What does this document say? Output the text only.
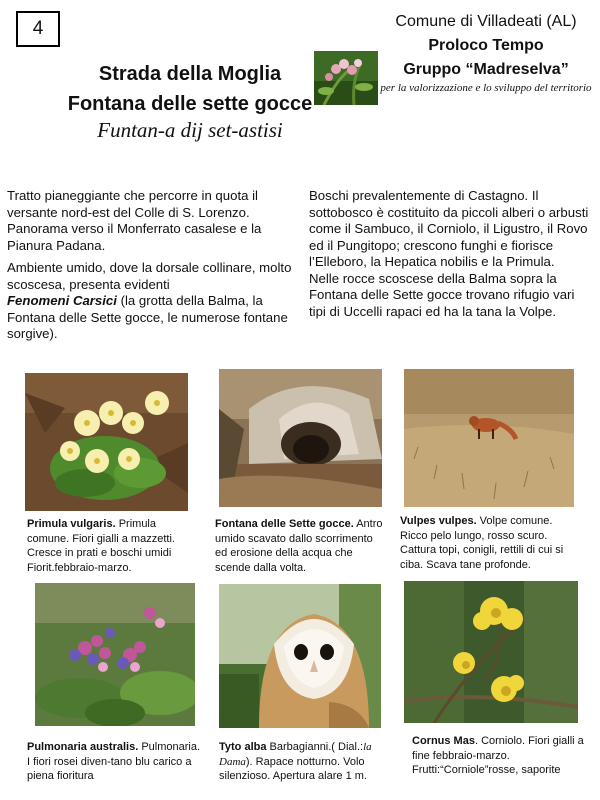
4
Strada della Moglia
Fontana delle sette gocce
Funtan-a dij set-astisi
Comune di Villadeati (AL)
Proloco Tempo
Gruppo “Madreselva”
per la valorizzazione e lo sviluppo del territorio

Tratto pianeggiante che percorre in quota il versante nord-est del Colle di S. Lorenzo. Panorama verso il Monferrato casalese e la Pianura Padana.

Ambiente umido, dove la dorsale collinare, molto scoscesa, presenta evidenti
Fenomeni Carsici (la grotta della Balma, la Fontana delle Sette gocce, le numerose fontane sorgive).

Boschi prevalentemente di Castagno. Il sottobosco è costituito da piccoli alberi o arbusti come il Sambuco, il Corniolo, il Ligustro, il Rovo ed il Pungitopo; crescono funghi e fiorisce l’Elleboro, la Hepatica nobilis e la Primula.

Nelle rocce scoscese della Balma sopra la Fontana delle Sette gocce trovano rifugio vari tipi di Uccelli rapaci ed ha la tana la Volpe.

Primula vulgaris. Primula comune. Fiori gialli a mazzetti. Cresce in prati e boschi umidi Fiorit.febbraio-marzo.
Fontana delle Sette gocce. Antro umido scavato dallo scorrimento ed erosione della acqua che scende dalla volta.
Vulpes vulpes. Volpe comune. Ricco pelo lungo, rosso scuro. Cattura topi, conigli, rettili di cui si ciba. Scava tane profonde.
Pulmonaria australis. Pulmonaria. I fiori rosei diven-tano blu carico a piena fioritura
Tyto alba Barbagianni.( Dial.:la Dama). Rapace notturno. Volo silenzioso. Apertura alare 1 m.
Cornus Mas. Corniolo. Fiori gialli a fine febbraio-marzo. Frutti:“Corniole”rosse, saporite
